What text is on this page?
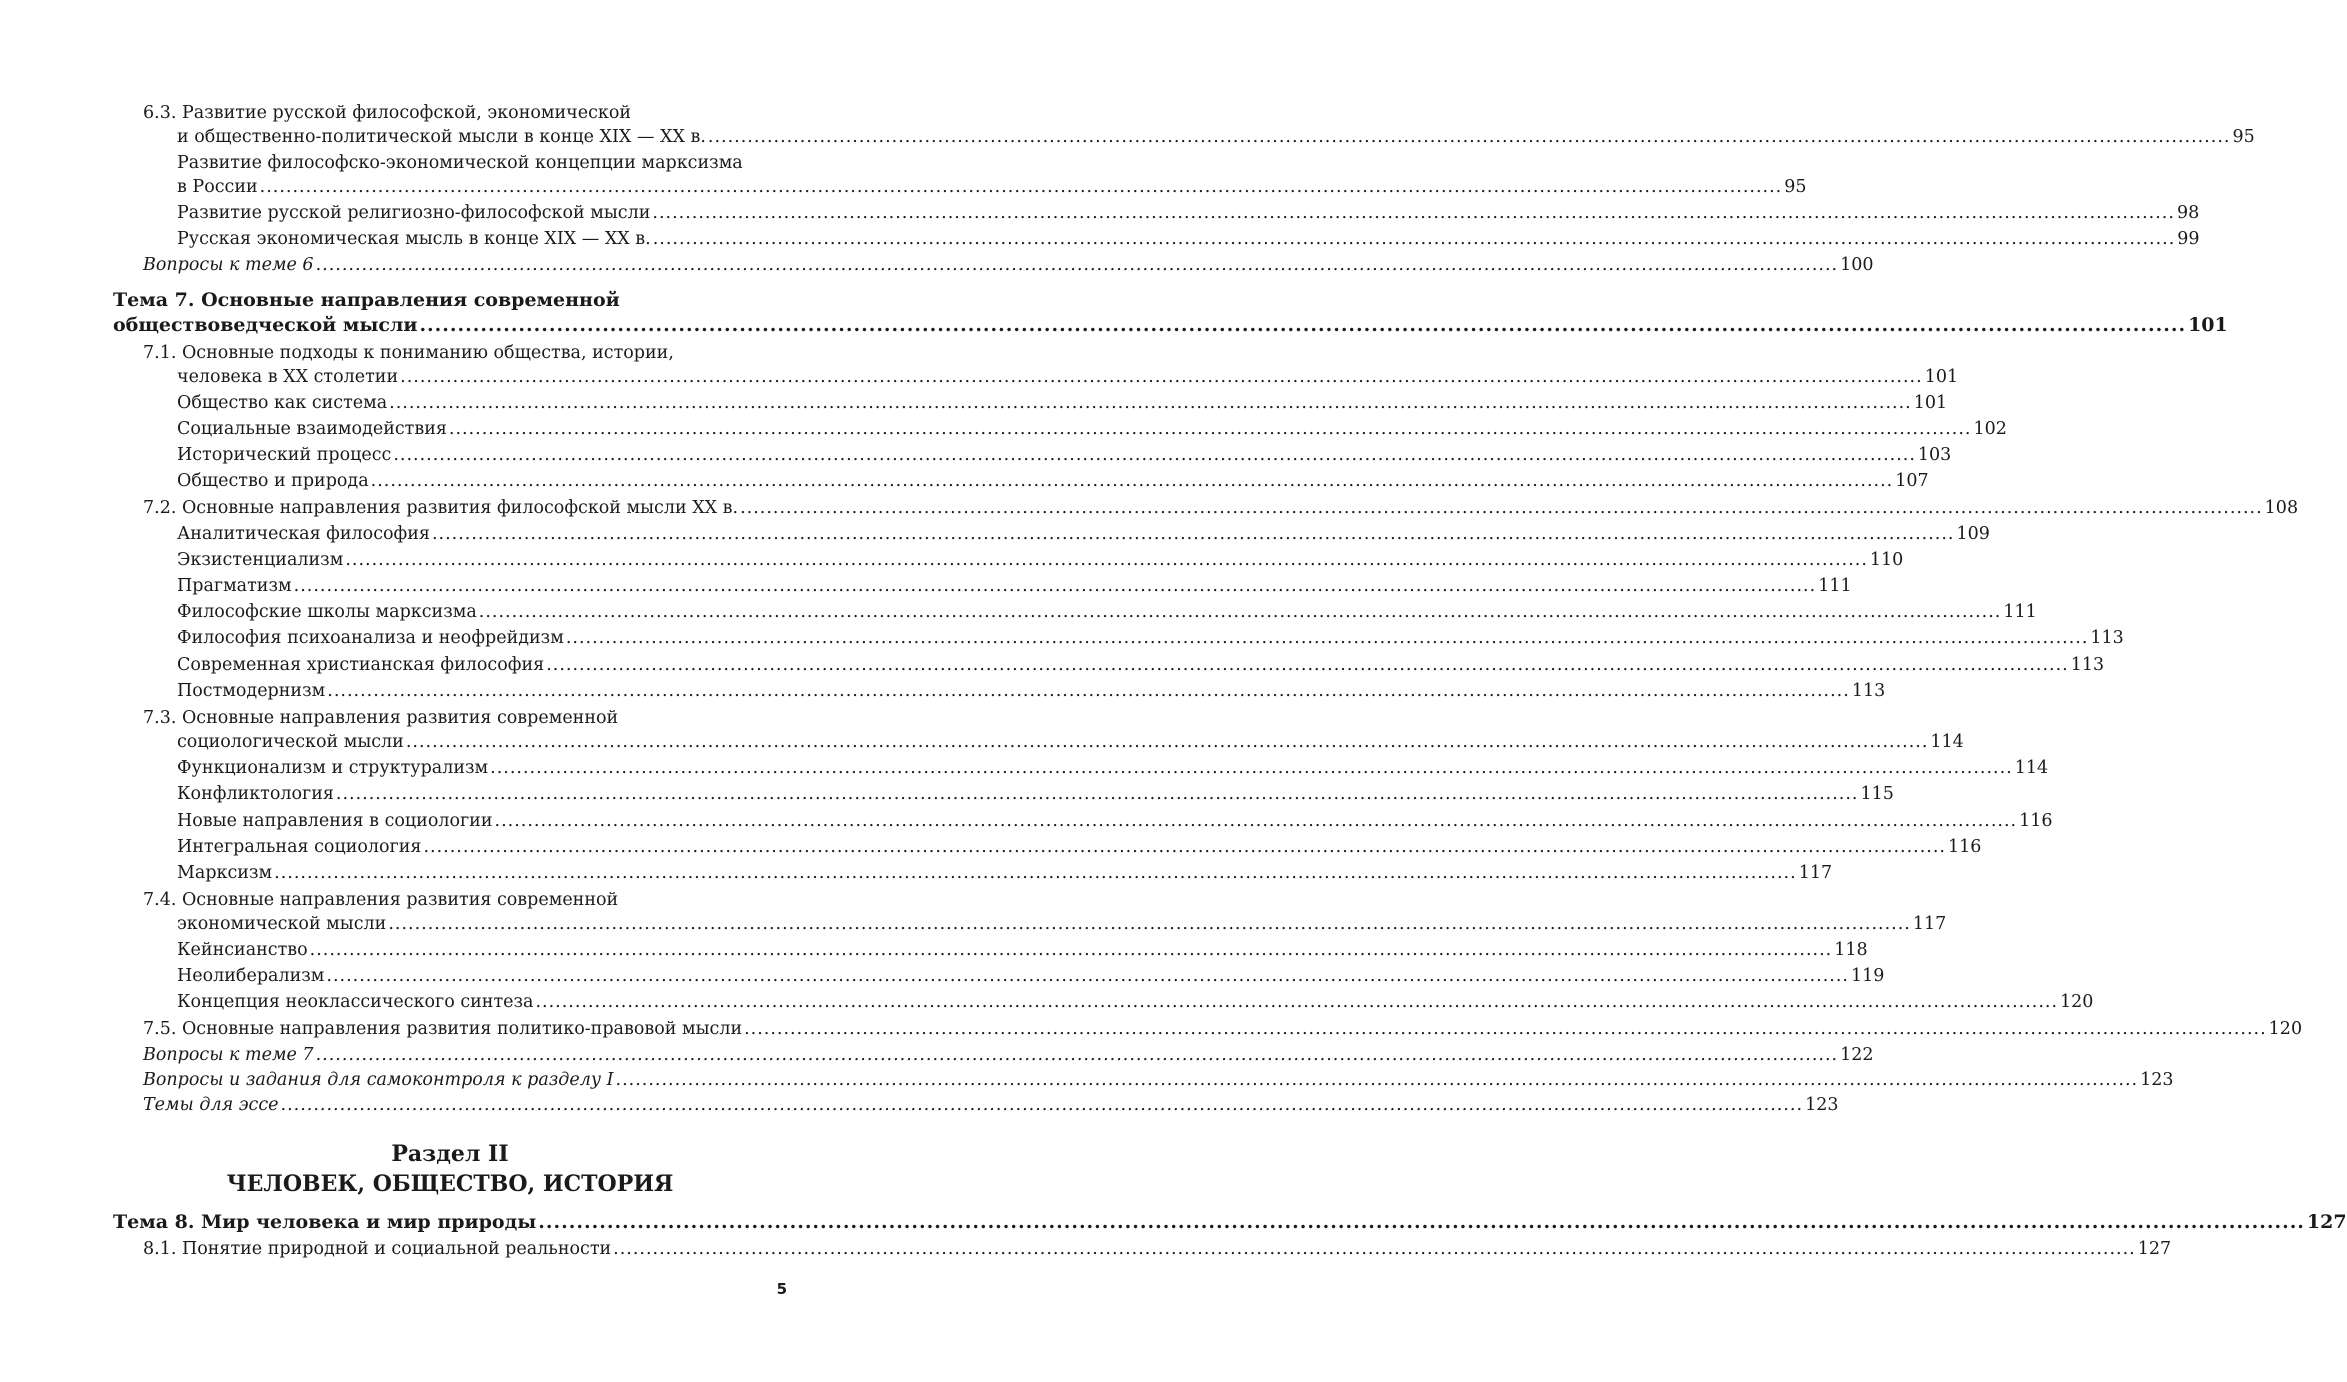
6.3. Развитие русской философской, экономической
и общественно-политической мысли в конце XIX — XX в. .....	95
Развитие философско-экономической концепции марксизма
в России .....	95
Развитие русской религиозно-философской мысли .....	98
Русская экономическая мысль в конце XIX — XX в. .....	99
Вопросы к теме 6 .....	100
Тема 7. Основные направления современной
обществоведческой мысли .....	101
7.1. Основные подходы к пониманию общества, истории,
человека в XX столетии .....	101
Общество как система .....	101
Социальные взаимодействия .....	102
Исторический процесс .....	103
Общество и природа .....	107
7.2. Основные направления развития философской мысли XX в. .....	108
Аналитическая философия .....	109
Экзистенциализм .....	110
Прагматизм .....	111
Философские школы марксизма .....	111
Философия психоанализа и неофрейдизм .....	113
Современная христианская философия .....	113
Постмодернизм .....	113
7.3. Основные направления развития современной
социологической мысли .....	114
Функционализм и структурализм .....	114
Конфликтология .....	115
Новые направления в социологии .....	116
Интегральная социология .....	116
Марксизм .....	117
7.4. Основные направления развития современной
экономической мысли .....	117
Кейнсианство .....	118
Неолиберализм .....	119
Концепция неоклассического синтеза .....	120
7.5. Основные направления развития политико-правовой мысли .....	120
Вопросы к теме 7 .....	122
Вопросы и задания для самоконтроля к разделу I .....	123
Темы для эссе .....	123
Раздел II
ЧЕЛОВЕК, ОБЩЕСТВО, ИСТОРИЯ
Тема 8. Мир человека и мир природы .....	127
8.1. Понятие природной и социальной реальности .....	127
5
